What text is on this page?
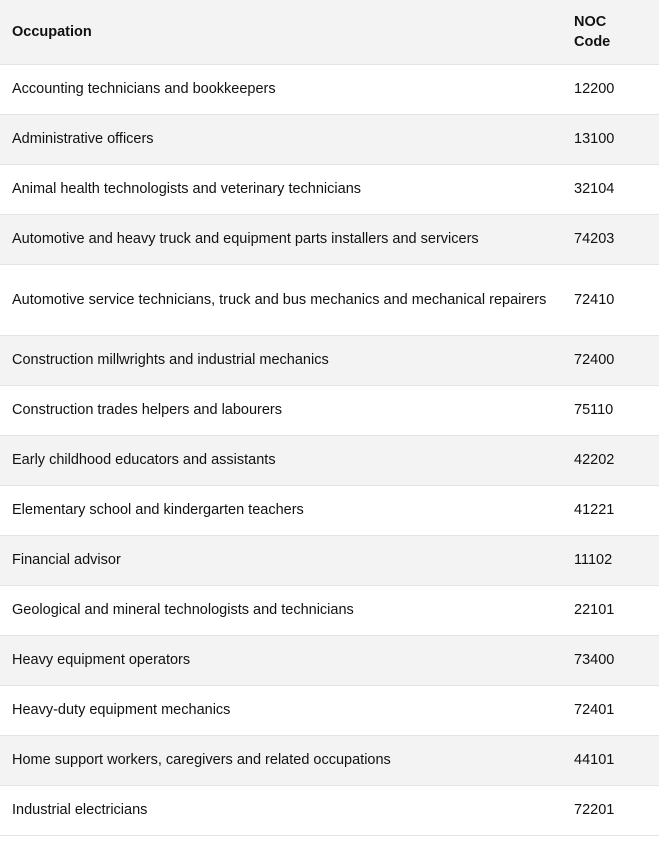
Occupation	NOC
Code
Accounting technicians and bookkeepers	12200
Administrative officers	13100
Animal health technologists and veterinary technicians	32104
Automotive and heavy truck and equipment parts installers and servicers	74203
Automotive service technicians, truck and bus mechanics and mechanical repairers	72410
Construction millwrights and industrial mechanics	72400
Construction trades helpers and labourers	75110
Early childhood educators and assistants	42202
Elementary school and kindergarten teachers	41221
Financial advisor	11102
Geological and mineral technologists and technicians	22101
Heavy equipment operators	73400
Heavy-duty equipment mechanics	72401
Home support workers, caregivers and related occupations	44101
Industrial electricians	72201
